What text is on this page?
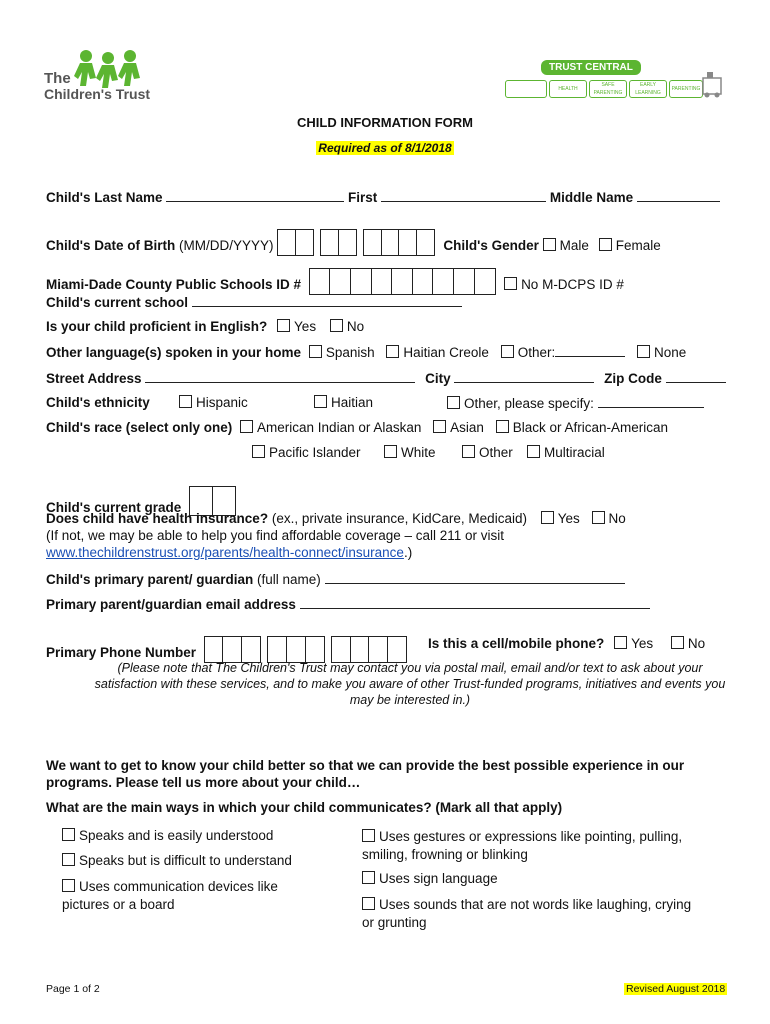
The
Children's Trust
TRUST CENTRAL
HEALTH
SAFE PARENTING
EARLY LEARNING
PARENTING
CHILD INFORMATION FORM
Required as of 8/1/2018
Child's Last Name	First	Middle Name
Child's Date of Birth (MM/DD/YYYY)	Child's Gender Male Female
Miami-Dade County Public Schools ID #	No M-DCPS ID #
Child's current school
Is your child proficient in English? Yes No
Other language(s) spoken in your home Spanish Haitian Creole Other:	None
Street Address	City	Zip Code
Child's ethnicity	Hispanic	Haitian	Other, please specify:
Child's race (select only one) American Indian or Alaskan Asian Black or African-American
Pacific Islander	White	Other	Multiracial
Child's current grade
Does child have health insurance? (ex., private insurance, KidCare, Medicaid) Yes No
(If not, we may be able to help you find affordable coverage – call 211 or visit
www.thechildrenstrust.org/parents/health-connect/insurance.)
Child's primary parent/ guardian (full name)
Primary parent/guardian email address
Primary Phone Number
Is this a cell/mobile phone? Yes	No
(Please note that The Children's Trust may contact you via postal mail, email and/or text to ask about your satisfaction with these services, and to make you aware of other Trust-funded programs, initiatives and events you may be interested in.)
We want to get to know your child better so that we can provide the best possible experience in our programs. Please tell us more about your child…
What are the main ways in which your child communicates? (Mark all that apply)
Speaks and is easily understood
Speaks but is difficult to understand
Uses communication devices like pictures or a board
Uses gestures or expressions like pointing, pulling, smiling, frowning or blinking
Uses sign language
Uses sounds that are not words like laughing, crying or grunting
Page 1 of 2	Revised August 2018
